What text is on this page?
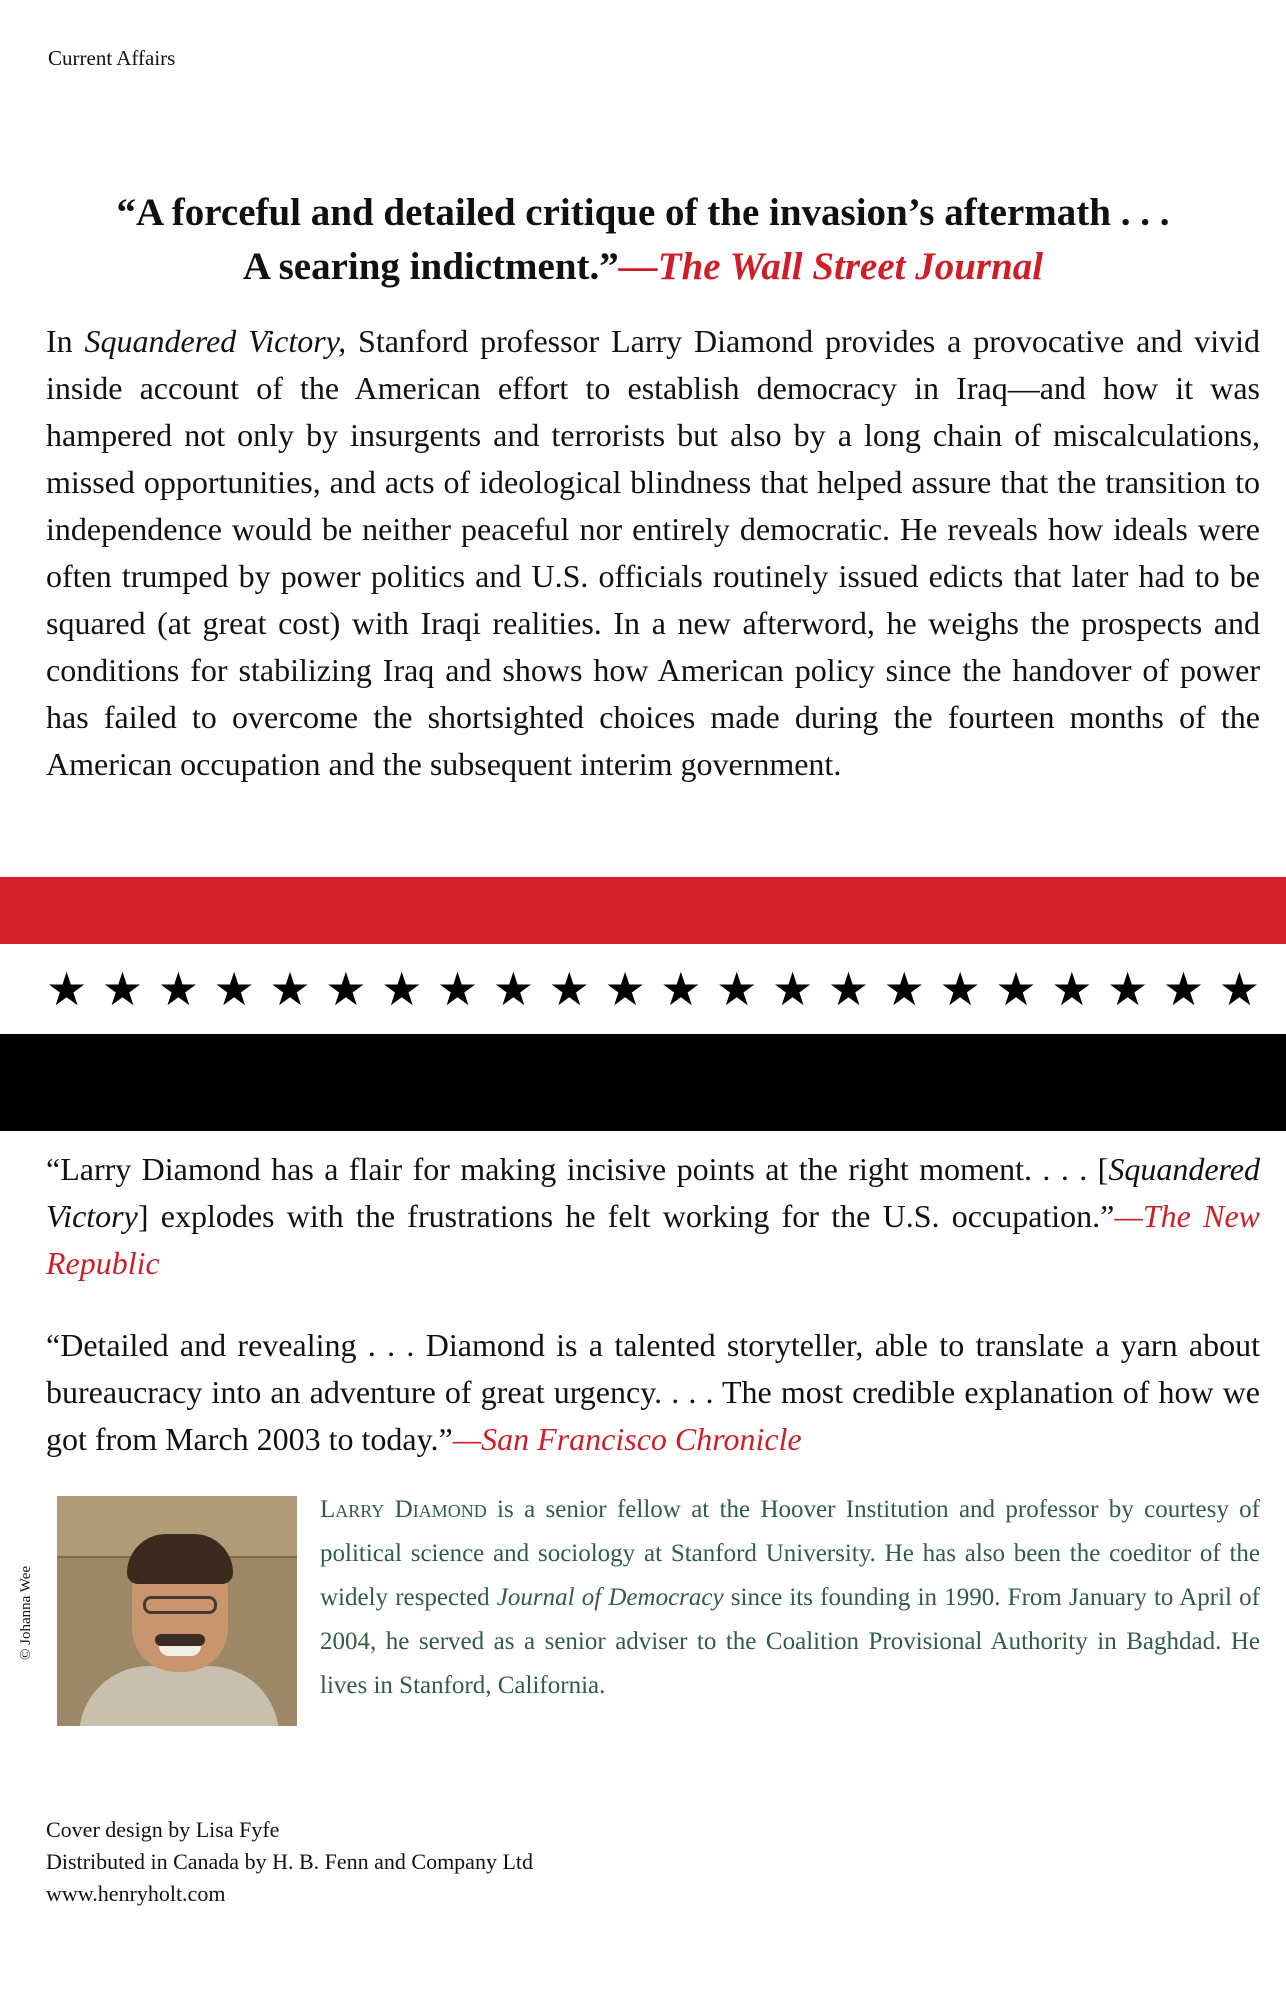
Current Affairs
“A forceful and detailed critique of the invasion’s aftermath . . .
A searing indictment.”—The Wall Street Journal
In Squandered Victory, Stanford professor Larry Diamond provides a provocative and vivid inside account of the American effort to establish democracy in Iraq—and how it was hampered not only by insurgents and terrorists but also by a long chain of miscalculations, missed opportunities, and acts of ideological blindness that helped assure that the transition to independence would be neither peaceful nor entirely democratic. He reveals how ideals were often trumped by power politics and U.S. officials routinely issued edicts that later had to be squared (at great cost) with Iraqi realities. In a new afterword, he weighs the prospects and conditions for stabilizing Iraq and shows how American policy since the handover of power has failed to overcome the shortsighted choices made during the fourteen months of the American occupation and the subsequent interim government.
★ ★ ★ ★ ★ ★ ★ ★ ★ ★ ★ ★ ★ ★ ★ ★ ★ ★ ★ ★ ★ ★
“Larry Diamond has a flair for making incisive points at the right moment. . . . [Squandered Victory] explodes with the frustrations he felt working for the U.S. occupation.”—The New Republic
“Detailed and revealing . . . Diamond is a talented storyteller, able to translate a yarn about bureaucracy into an adventure of great urgency. . . . The most credible explanation of how we got from March 2003 to today.”—San Francisco Chronicle
© Johanna Wee
Larry Diamond is a senior fellow at the Hoover Institution and professor by courtesy of political science and sociology at Stanford University. He has also been the coeditor of the widely respected Journal of Democracy since its founding in 1990. From January to April of 2004, he served as a senior adviser to the Coalition Provisional Authority in Baghdad. He lives in Stanford, California.
Cover design by Lisa Fyfe
Distributed in Canada by H. B. Fenn and Company Ltd
www.henryholt.com
